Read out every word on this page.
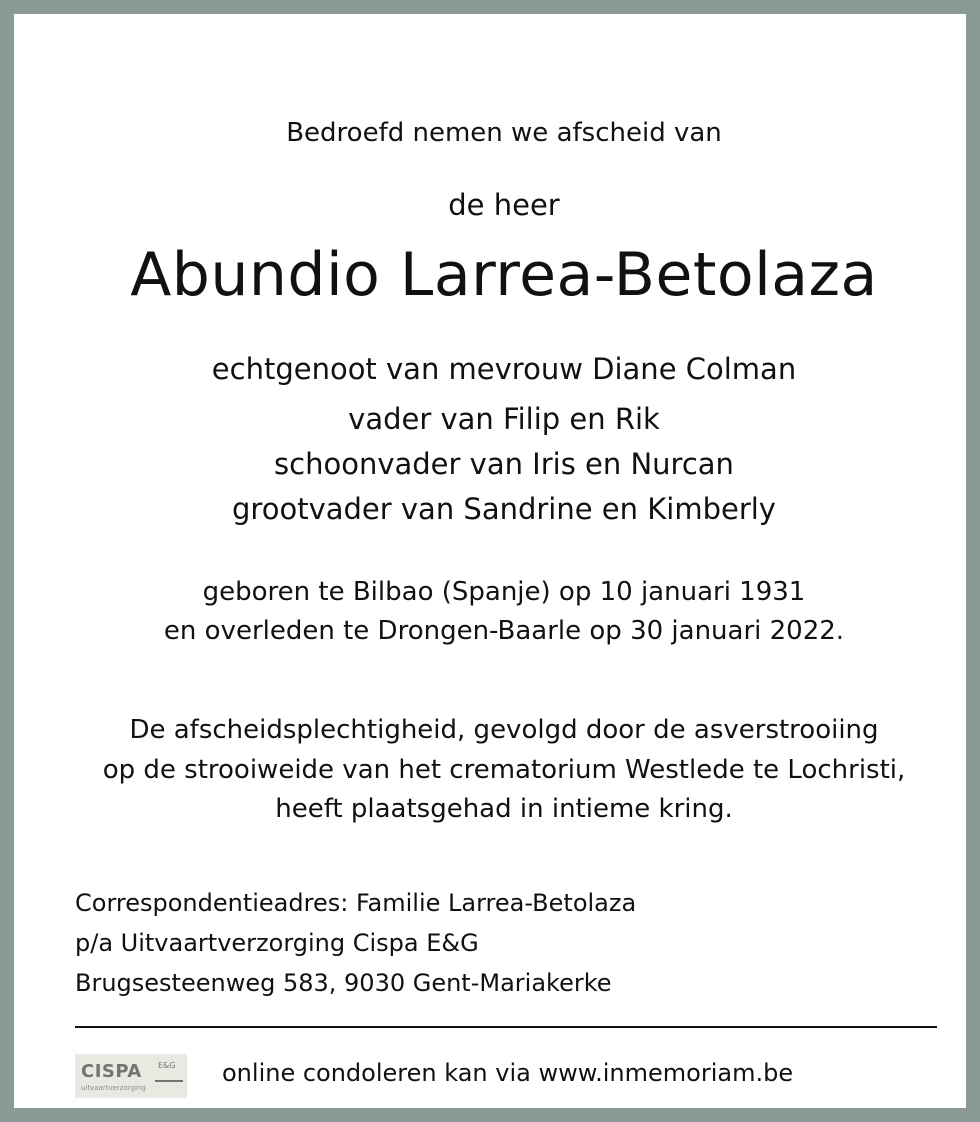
Bedroefd nemen we afscheid van
de heer
Abundio Larrea-Betolaza
echtgenoot van mevrouw Diane Colman
vader van Filip en Rik
schoonvader van Iris en Nurcan
grootvader van Sandrine en Kimberly
geboren te Bilbao (Spanje) op 10 januari 1931
en overleden te Drongen-Baarle op 30 januari 2022.
De afscheidsplechtigheid, gevolgd door de asverstrooiing
op de strooiweide van het crematorium Westlede te Lochristi,
heeft plaatsgehad in intieme kring.
Correspondentieadres: Familie Larrea-Betolaza
p/a Uitvaartverzorging Cispa E&G
Brugsesteenweg 583, 9030 Gent-Mariakerke
CISPA E&G
uitvaartverzorging
online condoleren kan via www.inmemoriam.be
